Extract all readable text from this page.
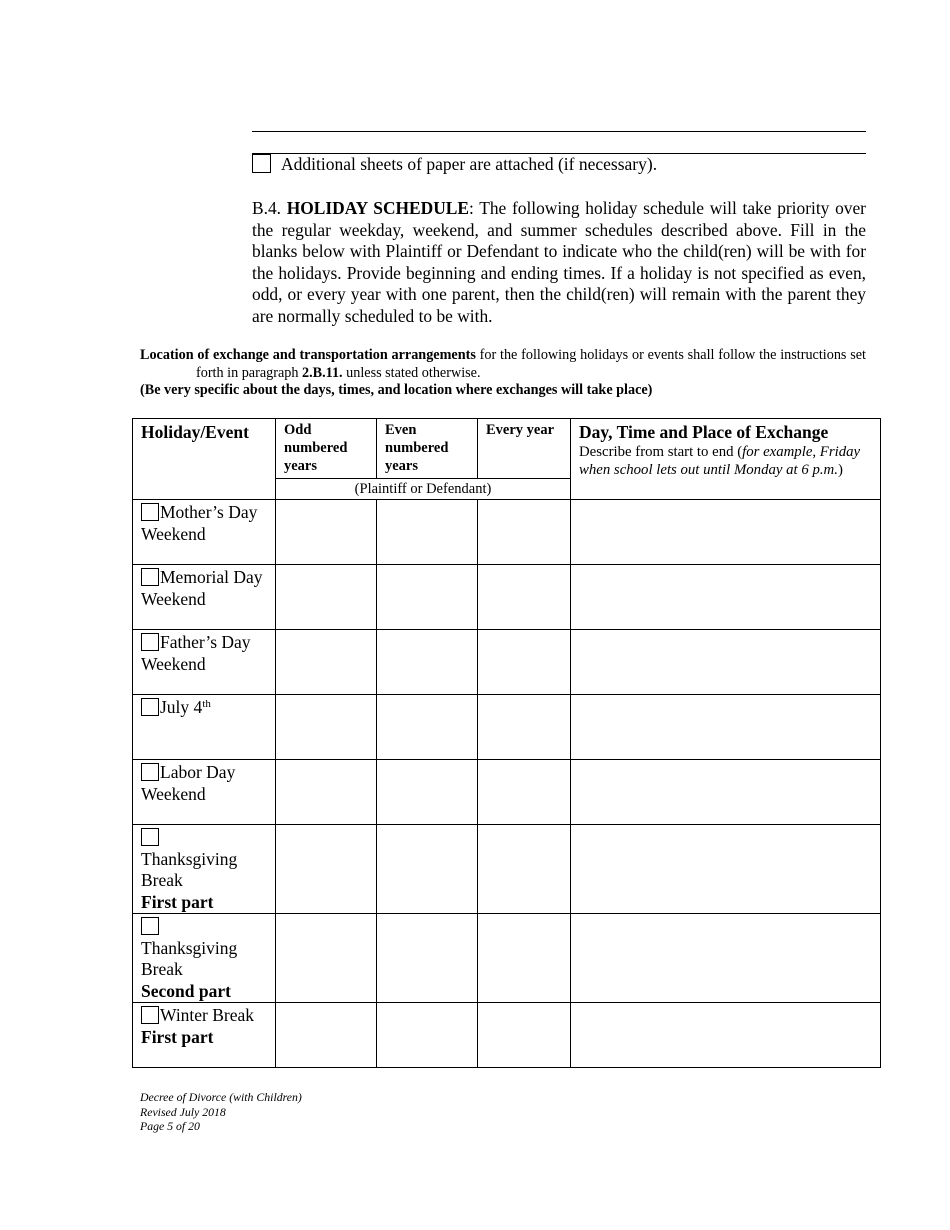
Additional sheets of paper are attached (if necessary).
B.4. HOLIDAY SCHEDULE: The following holiday schedule will take priority over the regular weekday, weekend, and summer schedules described above. Fill in the blanks below with Plaintiff or Defendant to indicate who the child(ren) will be with for the holidays. Provide beginning and ending times. If a holiday is not specified as even, odd, or every year with one parent, then the child(ren) will remain with the parent they are normally scheduled to be with.
Location of exchange and transportation arrangements for the following holidays or events shall follow the instructions set forth in paragraph 2.B.11. unless stated otherwise.
(Be very specific about the days, times, and location where exchanges will take place)
Holiday/Event	Odd numbered years	Even numbered years	Every year	Day, Time and Place of Exchange
Describe from start to end (for example, Friday when school lets out until Monday at 6 p.m.)

	(Plaintiff or Defendant)			
Mother’s Day Weekend				
Memorial Day Weekend				
Father’s Day Weekend				
July 4th				
Labor Day Weekend				

Thanksgiving Break
First part				

Thanksgiving Break
Second part				
Winter Break
First part				
Decree of Divorce (with Children)
Revised July 2018
Page 5 of 20
